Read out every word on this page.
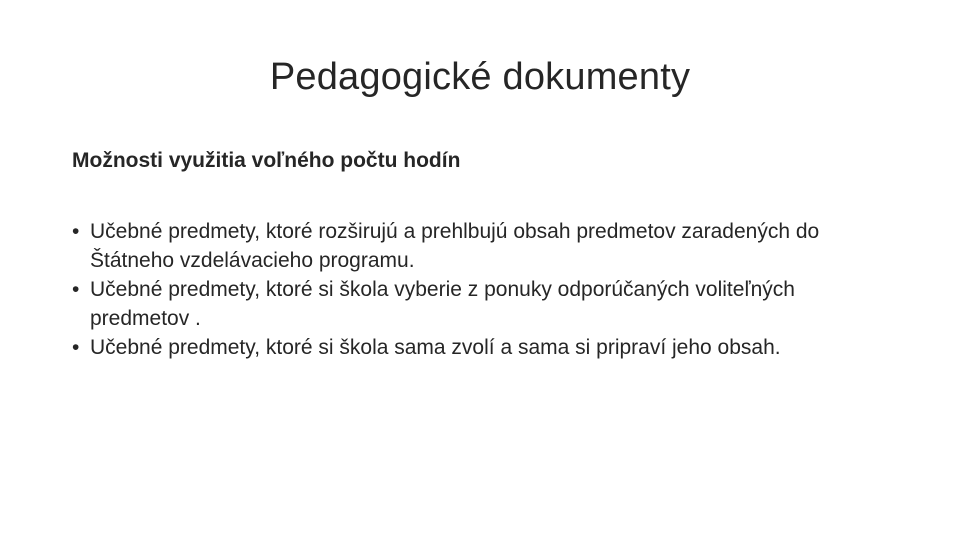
Pedagogické dokumenty
Možnosti využitia voľného počtu hodín
• Učebné predmety, ktoré rozširujú a prehlbujú obsah predmetov zaradených do Štátneho vzdelávacieho programu.
• Učebné predmety, ktoré si škola vyberie z ponuky odporúčaných voliteľných predmetov .
• Učebné predmety, ktoré si škola sama zvolí a sama si pripraví jeho obsah.
